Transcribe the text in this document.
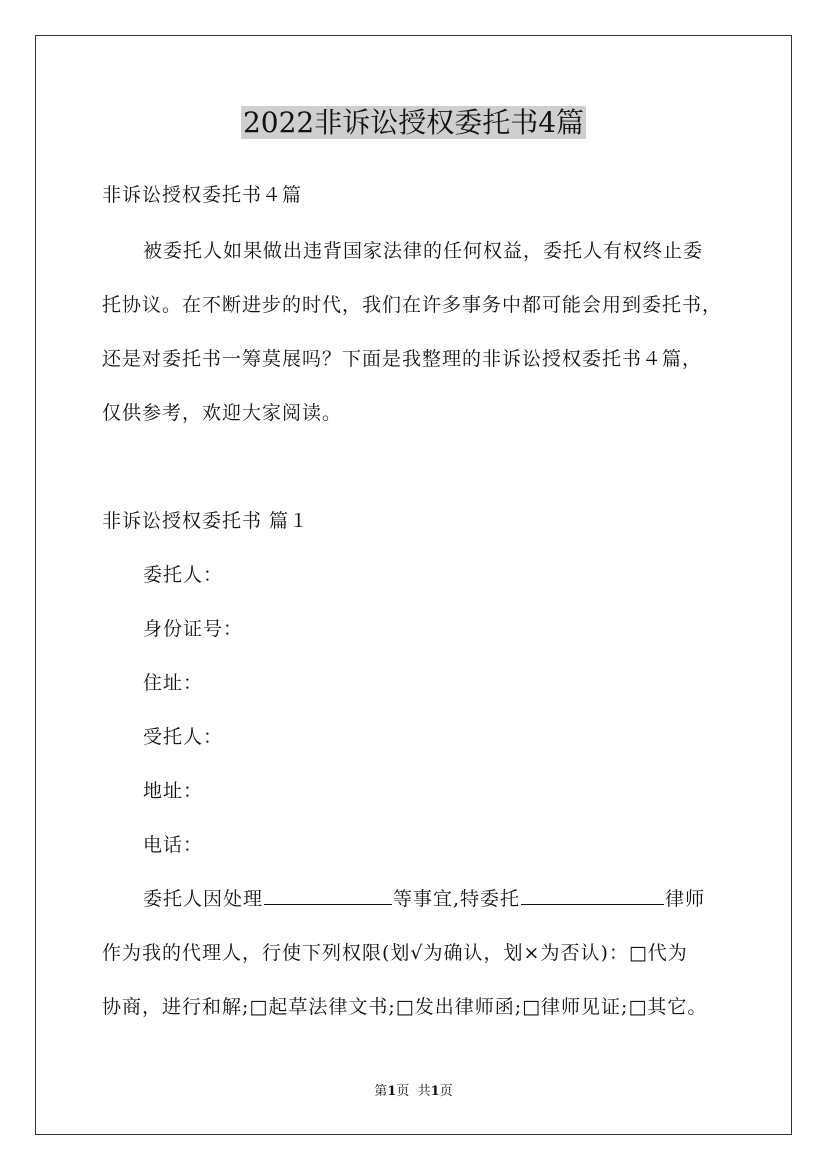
2022非诉讼授权委托书4篇
非诉讼授权委托书４篇
被委托人如果做出违背国家法律的任何权益，委托人有权终止委
托协议。在不断进步的时代，我们在许多事务中都可能会用到委托书，
还是对委托书一筹莫展吗？下面是我整理的非诉讼授权委托书４篇，
仅供参考，欢迎大家阅读。
非诉讼授权委托书 篇１
委托人：
身份证号：
住址：
受托人：
地址：
电话：
委托人因处理	等事宜,特委托	律师
作为我的代理人，行使下列权限(划√为确认，划×为否认)：□代为
协商，进行和解;□起草法律文书;□发出律师函;□律师见证;□其它。
第1页 共1页
